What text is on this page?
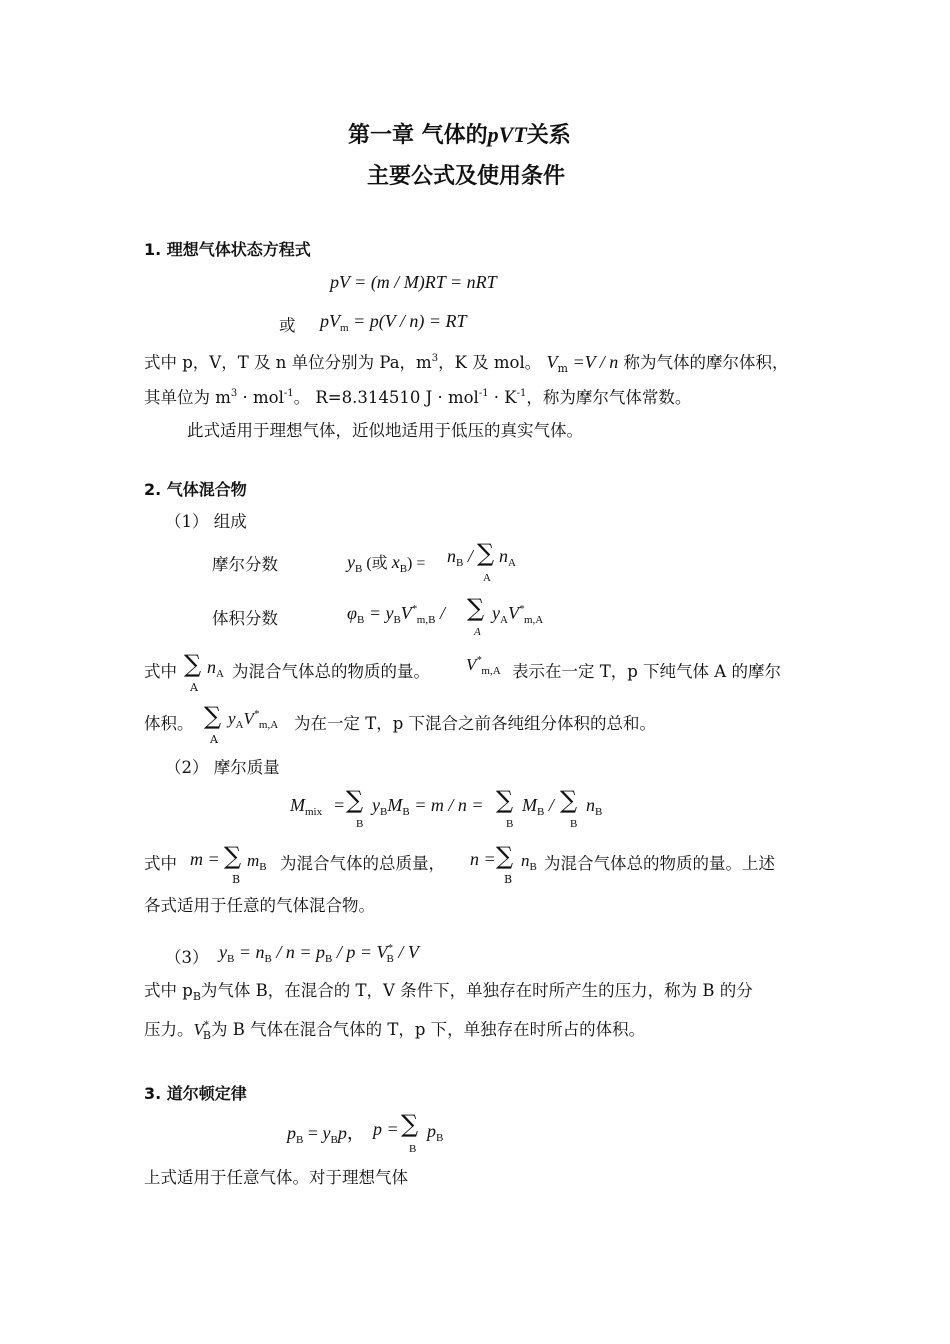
第一章 气体的pVT关系
主要公式及使用条件
1. 理想气体状态方程式
pV = (m / M)RT = nRT
或 $pV_m = p(V / n)$ = RT
式中 p，V，T 及 n 单位分别为 Pa，$m^3$，K 及 mol。 $V_m =V / n$ 称为气体的摩尔体积，
其单位为 $m^3 \cdot mol^{-1}$。 R=8.314510 $J \cdot mol^{-1} \cdot K^{-1}$，称为摩尔气体常数。
此式适用于理想气体，近似地适用于低压的真实气体。
2. 气体混合物
（1） 组成
摩尔分数	$y_B$ (或 $x_B) = n_B$ / ∑
A
$n_A$
体积分数	$\varphi_B = y_BV^*_{m,B}$ / ∑
A
$y_AV^*_{m,A}$
式中 ∑
A
$n_A$ 为混合气体总的物质的量。 $V^*_{m,A}$ 表示在一定 T，p 下纯气体 A 的摩尔
体积。 ∑
A
$y_AV^*_{m,A}$ 为在一定 T，p 下混合之前各纯组分体积的总和。
（2） 摩尔质量
$M_{mix}$ = ∑
B
$y_BM_B = m / n$ = ∑
B
$M_B$ / ∑
B
$n_B$
式中 m = ∑
B
$m_B$ 为混合气体的总质量， n = ∑
B
$n_B$ 为混合气体总的物质的量。上述
各式适用于任意的气体混合物。
（3） $y_B = n_B / n = p_B / p = V^*_B / V$
式中 $p_B$为气体 B，在混合的 T，V 条件下，单独存在时所产生的压力，称为 B 的分
压力。$V^*_B$为 B 气体在混合气体的 T，p 下，单独存在时所占的体积。
3. 道尔顿定律
$p_B = y_Bp$， p = ∑
B
$p_B$
上式适用于任意气体。对于理想气体
